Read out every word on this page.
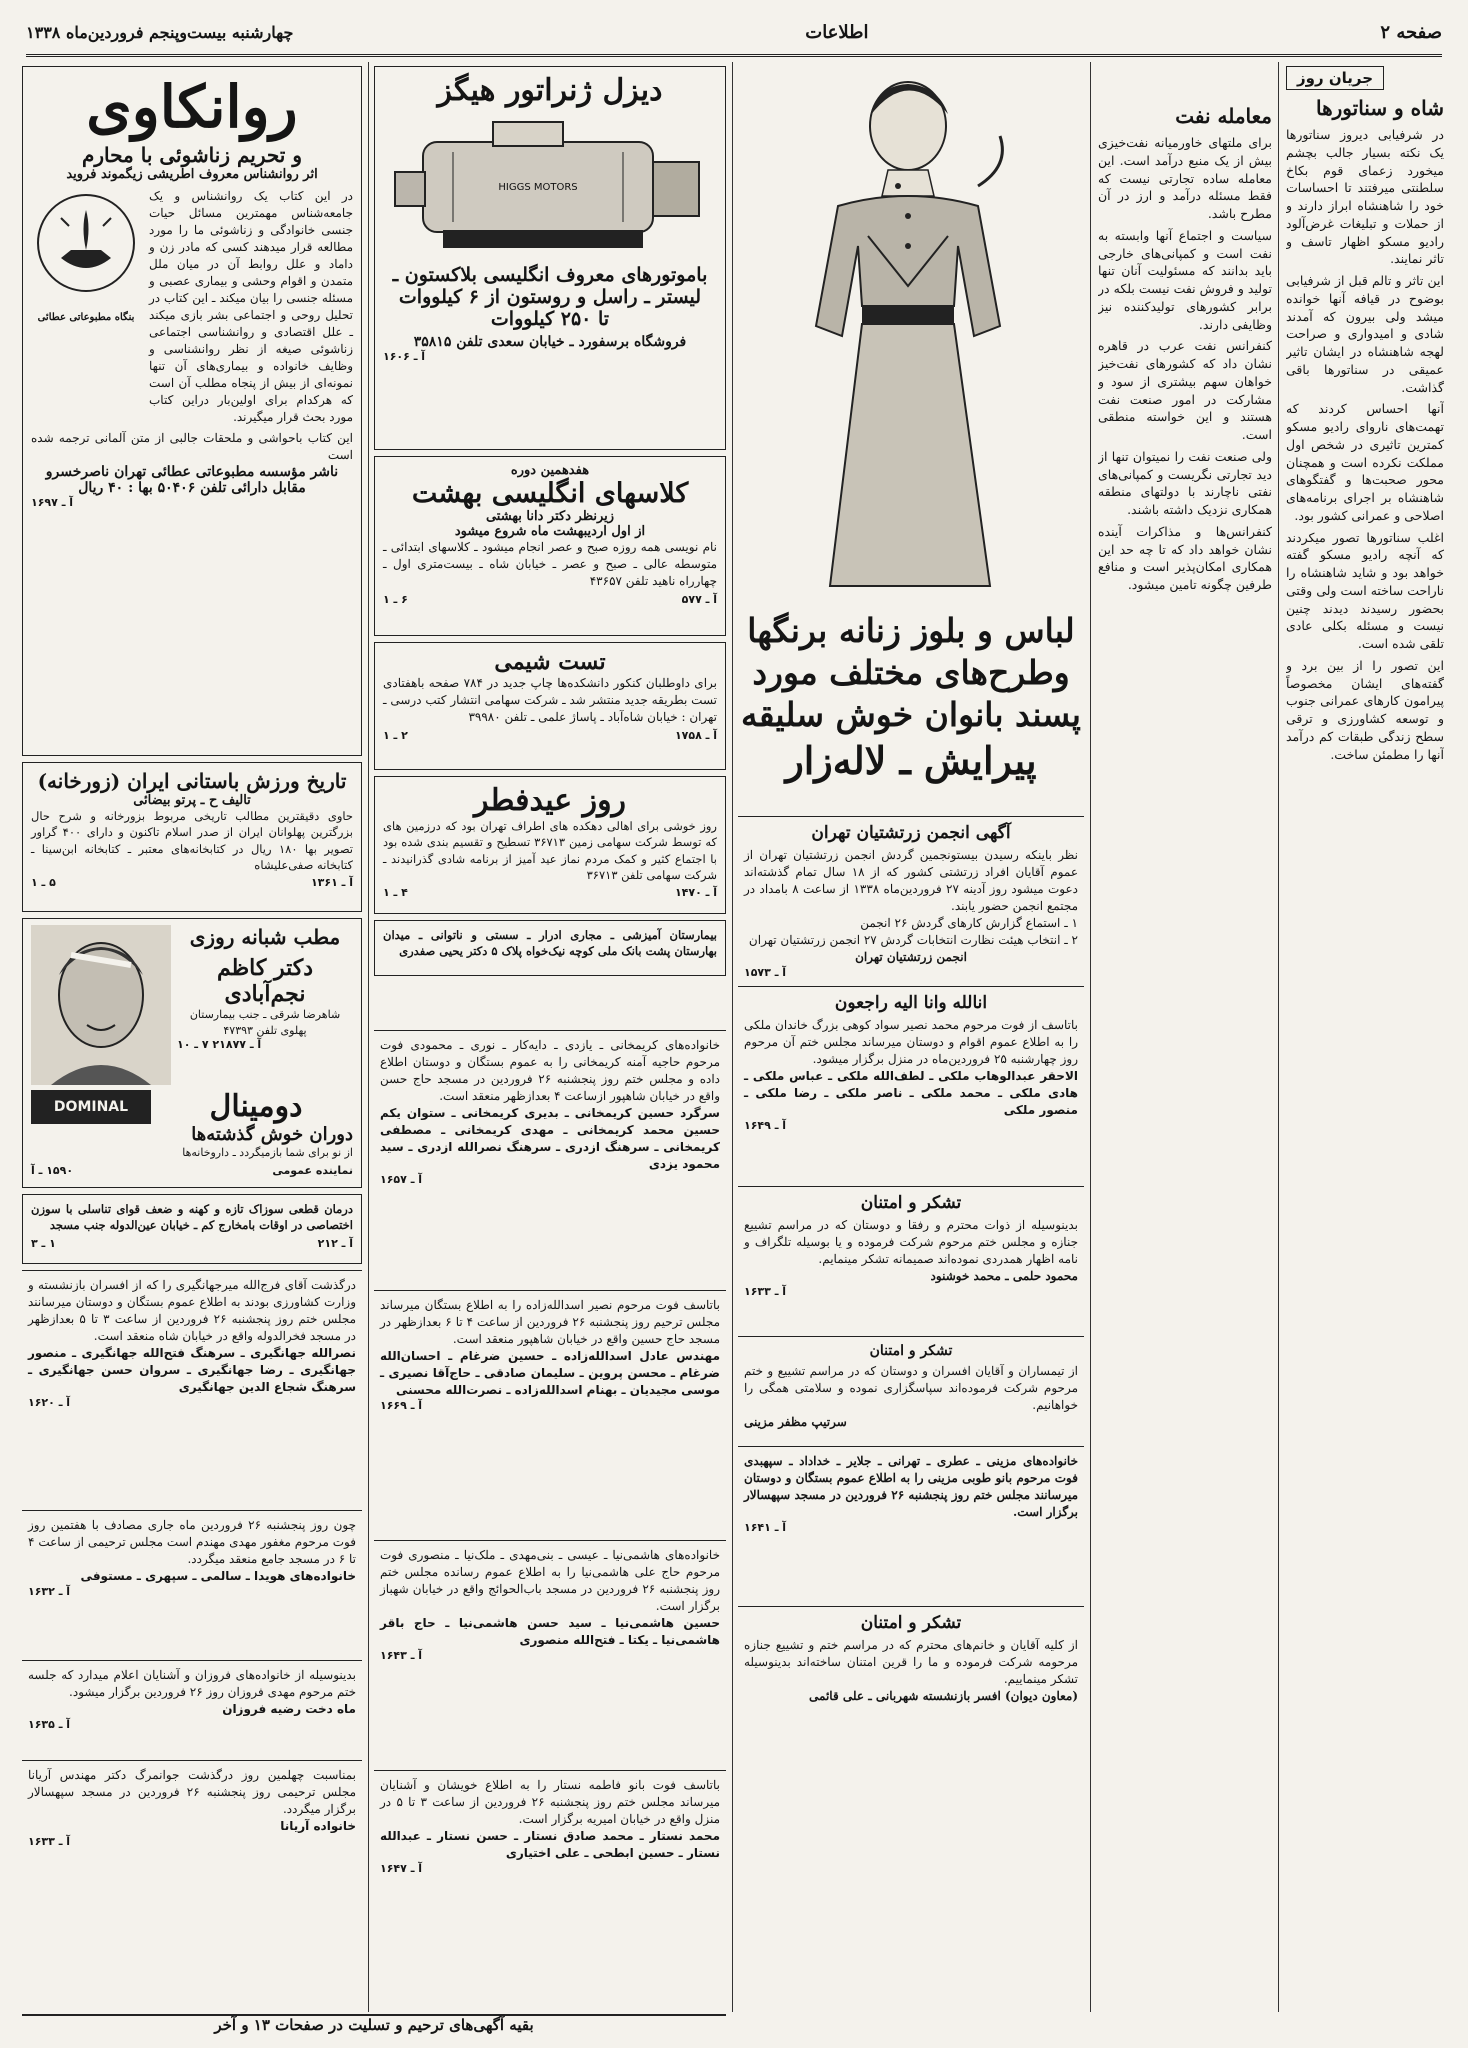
چهارشنبه بیست‌وپنجم فروردین‌ماه ۱۳۳۸	اطلاعات	صفحه ۲
جریان روز
شاه و سناتورها

در شرفیابی دیروز سناتورها یک نکته بسیار جالب بچشم میخورد زعمای قوم بکاخ سلطنتی میرفتند تا احساسات خود را شاهنشاه ابراز دارند و از حملات و تبلیغات غرض‌آلود رادیو مسکو اظهار تاسف و تاثر نمایند.

این تاثر و تالم قبل از شرفیابی بوضوح در قیافه آنها خوانده میشد ولی بیرون که آمدند شادی و امیدواری و صراحت لهجه شاهنشاه در ایشان تاثیر عمیقی در سناتورها باقی گذاشت.

آنها احساس کردند که تهمت‌های ناروای رادیو مسکو کمترین تاثیری در شخص اول مملکت نکرده است و همچنان محور صحبت‌ها و گفتگوهای شاهنشاه بر اجرای برنامه‌های اصلاحی و عمرانی کشور بود.

اغلب سناتورها تصور میکردند که آنچه رادیو مسکو گفته خواهد بود و شاید شاهنشاه را ناراحت ساخته است ولی وقتی بحضور رسیدند دیدند چنین نیست و مسئله بکلی عادی تلقی شده است.

این تصور را از بین برد و گفته‌های ایشان مخصوصاً پیرامون کارهای عمرانی جنوب و توسعه کشاورزی و ترقی سطح زندگی طبقات کم درآمد آنها را مطمئن ساخت.

معامله نفت

برای ملتهای خاورمیانه نفت‌خیزی بیش از یک منبع درآمد است. این معامله ساده تجارتی نیست که فقط مسئله درآمد و ارز در آن مطرح باشد.

سیاست و اجتماع آنها وابسته به نفت است و کمپانی‌های خارجی باید بدانند که مسئولیت آنان تنها تولید و فروش نفت نیست بلکه در برابر کشورهای تولیدکننده نیز وظایفی دارند.

کنفرانس نفت عرب در قاهره نشان داد که کشورهای نفت‌خیز خواهان سهم بیشتری از سود و مشارکت در امور صنعت نفت هستند و این خواسته منطقی است.

ولی صنعت نفت را نمیتوان تنها از دید تجارتی نگریست و کمپانی‌های نفتی ناچارند با دولتهای منطقه همکاری نزدیک داشته باشند.

کنفرانس‌ها و مذاکرات آینده نشان خواهد داد که تا چه حد این همکاری امکان‌پذیر است و منافع طرفین چگونه تامین میشود.

لباس و بلوز زنانه برنگها
وطرح‌های مختلف مورد
پسند بانوان خوش سلیقه
پیرایش ـ لاله‌زار
آگهی انجمن زرتشتیان تهران
نظر باینکه رسیدن بیستونجمین گردش انجمن زرتشتیان تهران از عموم آقایان افراد زرتشتی کشور که از ۱۸ سال تمام گذشته‌اند دعوت میشود روز آدینه ۲۷ فروردین‌ماه ۱۳۳۸ از ساعت ۸ بامداد در مجتمع انجمن حضور یابند.
۱ ـ استماع گزارش کارهای گردش ۲۶ انجمن
۲ ـ انتخاب هیئت نظارت انتخابات گردش ۲۷ انجمن زرتشتیان تهران
انجمن زرتشتیان تهران
آ ـ ۱۵۷۳
انالله وانا الیه راجعون
باتاسف از فوت مرحوم محمد نصیر سواد کوهی بزرگ خاندان ملکی را به اطلاع عموم اقوام و دوستان میرساند مجلس ختم آن مرحوم روز چهارشنبه ۲۵ فروردین‌ماه در منزل برگزار میشود.
الاحقر عبدالوهاب ملکی ـ لطف‌الله ملکی ـ عباس ملکی ـ هادی ملکی ـ محمد ملکی ـ ناصر ملکی ـ رضا ملکی ـ منصور ملکی
آ ـ ۱۶۴۹
تشکر و امتنان
بدینوسیله از ذوات محترم و رفقا و دوستان که در مراسم تشییع جنازه و مجلس ختم مرحوم شرکت فرموده و یا بوسیله تلگراف و نامه اظهار همدردی نموده‌اند صمیمانه تشکر مینمایم.
محمود حلمی ـ محمد خوشنود
آ ـ ۱۶۳۳
تشکر و امتنان
از تیمساران و آقایان افسران و دوستان که در مراسم تشییع و ختم مرحوم شرکت فرموده‌اند سپاسگزاری نموده و سلامتی همگی را خواهانیم.
سرتیپ مظفر مزینی
خانواده‌های مزینی ـ عطری ـ تهرانی ـ جلایر ـ خداداد ـ سپهبدی فوت مرحوم بانو طوبی مزینی را به اطلاع عموم بستگان و دوستان میرسانند مجلس ختم روز پنجشنبه ۲۶ فروردین در مسجد سپهسالار برگزار است.
آ ـ ۱۶۴۱
تشکر و امتنان
از کلیه آقایان و خانم‌های محترم که در مراسم ختم و تشییع جنازه مرحومه شرکت فرموده و ما را قرین امتنان ساخته‌اند بدینوسیله تشکر مینماییم.
(معاون دیوان) افسر بازنشسته شهربانی ـ علی قائمی
دیزل ژنراتور هیگز
HIGGS MOTORS
باموتورهای معروف انگلیسی بلاکستون ـ
لیستر ـ راسل و روستون از ۶ کیلووات
تا ۲۵۰ کیلووات
فروشگاه برسفورد ـ خیابان سعدی تلفن ۳۵۸۱۵
آ ـ ۱۶۰۶
هفدهمین دوره
کلاسهای انگلیسی بهشت
زیرنظر دکتر دانا بهشتی
از اول اردیبهشت ماه شروع میشود
نام نویسی همه روزه صبح و عصر انجام میشود ـ کلاسهای ابتدائی ـ متوسطه عالی ـ صبح و عصر ـ خیابان شاه ـ بیست‌متری اول ـ چهارراه ناهید تلفن ۴۳۶۵۷
آ ـ ۵۷۷
۶ ـ ۱
تست شیمی
برای داوطلبان کنکور دانشکده‌ها چاپ جدید در ۷۸۴ صفحه باهفتادی تست بطریقه جدید منتشر شد ـ شرکت سهامی انتشار کتب درسی ـ تهران : خیابان شاه‌آباد ـ پاساژ علمی ـ تلفن ۳۹۹۸۰
آ ـ ۱۷۵۸
۲ ـ ۱
روز عیدفطر
روز خوشی برای اهالی دهکده های اطراف تهران بود که درزمین های که توسط شرکت سهامی زمین ۳۶۷۱۳ تسطیح و تقسیم بندی شده بود با اجتماع کثیر و کمک مردم نماز عید آمیز از برنامه شادی گذرانیدند ـ شرکت سهامی تلفن ۳۶۷۱۳
آ ـ ۱۴۷۰
۴ ـ ۱
بیمارستان آمیزشی ـ مجاری ادرار ـ سستی و ناتوانی ـ میدان بهارستان پشت بانک ملی کوچه نیک‌خواه پلاک ۵ دکتر یحیی صفدری
خانواده‌های کریمخانی ـ یازدی ـ دایه‌کار ـ نوری ـ محمودی فوت مرحوم حاجیه آمنه کریمخانی را به عموم بستگان و دوستان اطلاع داده و مجلس ختم روز پنجشنبه ۲۶ فروردین در مسجد حاج حسن واقع در خیابان شاهپور ازساعت ۴ بعدازظهر منعقد است.
سرگرد حسین کریمخانی ـ بدیری کریمخانی ـ ستوان یکم حسین محمد کریمخانی ـ مهدی کریمخانی ـ مصطفی کریمخانی ـ سرهنگ ازدری ـ سرهنگ نصرالله ازدری ـ سید محمود یزدی
آ ـ ۱۶۵۷
باتاسف فوت مرحوم نصیر اسدالله‌زاده را به اطلاع بستگان میرساند مجلس ترحیم روز پنجشنبه ۲۶ فروردین از ساعت ۴ تا ۶ بعدازظهر در مسجد حاج حسین واقع در خیابان شاهپور منعقد است.
مهندس عادل اسدالله‌زاده ـ حسین ضرغام ـ احسان‌الله ضرغام ـ محسن پروین ـ سلیمان صادقی ـ حاج‌آقا نصیری ـ موسی مجیدیان ـ بهنام اسدالله‌زاده ـ نصرت‌الله محسنی
آ ـ ۱۶۶۹
خانواده‌های هاشمی‌نیا ـ عیسی ـ بنی‌مهدی ـ ملک‌نیا ـ منصوری فوت مرحوم حاج علی هاشمی‌نیا را به اطلاع عموم رسانده مجلس ختم روز پنجشنبه ۲۶ فروردین در مسجد باب‌الحوائج واقع در خیابان شهباز برگزار است.
حسین هاشمی‌نیا ـ سید حسن هاشمی‌نیا ـ حاج باقر هاشمی‌نیا ـ یکتا ـ فتح‌الله منصوری
آ ـ ۱۶۴۳
باتاسف فوت بانو فاطمه نستار را به اطلاع خویشان و آشنایان میرساند مجلس ختم روز پنجشنبه ۲۶ فروردین از ساعت ۳ تا ۵ در منزل واقع در خیابان امیریه برگزار است.
محمد نستار ـ محمد صادق نستار ـ حسن نستار ـ عبدالله نستار ـ حسین ابطحی ـ علی اختیاری
آ ـ ۱۶۴۷
روانکاوی
و تحریم زناشوئی با محارم
اثر روانشناس معروف اطریشی زیگموند فروید
بنگاه مطبوعاتی عطائی
در این کتاب یک روانشناس و یک جامعه‌شناس مهمترین مسائل حیات جنسی خانوادگی و زناشوئی ما را مورد مطالعه قرار میدهند کسی که مادر زن و داماد و علل روابط آن در میان ملل متمدن و اقوام وحشی و بیماری عصبی و مسئله جنسی را بیان میکند ـ این کتاب در تحلیل روحی و اجتماعی بشر بازی میکند ـ علل اقتصادی و روانشناسی اجتماعی زناشوئی صیغه از نظر روانشناسی و وظایف خانواده و بیماری‌های آن تنها نمونه‌ای از بیش از پنجاه مطلب آن است که هرکدام برای اولین‌بار دراین کتاب مورد بحث قرار میگیرند.
این کتاب باحواشی و ملحقات جالبی از متن آلمانی ترجمه شده است
ناشر مؤسسه مطبوعاتی عطائی تهران ناصرخسرو
مقابل دارائی تلفن ۵۰۴۰۶ بها : ۴۰ ریال
آ ـ ۱۶۹۷
تاریخ ورزش باستانی ایران (زورخانه)
تالیف ح ـ پرتو بیضائی
حاوی دقیقترین مطالب تاریخی مربوط بزورخانه و شرح حال بزرگترین پهلوانان ایران از صدر اسلام تاکنون و دارای ۴۰۰ گراور تصویر بها ۱۸۰ ریال در کتابخانه‌های معتبر ـ کتابخانه ابن‌سینا ـ کتابخانه صفی‌علیشاه
آ ـ ۱۳۶۱
۵ ـ ۱
مطب شبانه روزی
دکتر کاظم نجم‌آبادی
شاهرضا شرقی ـ جنب بیمارستان پهلوی تلفن ۴۷۳۹۳
آ ـ ۲۱۸۷۷ ۷ ـ ۱۰
DOMINAL	دومینال
دوران خوش گذشته‌ها
از نو برای شما بازمیگردد ـ داروخانه‌ها
نماینده عمومی
۱۵۹۰ ـ آ
درمان قطعی سوزاک تازه و کهنه و ضعف قوای تناسلی با سوزن اختصاصی در اوقات بامخارج کم ـ خیابان عین‌الدوله جنب مسجد
آ ـ ۲۱۲
۱ ـ ۳
درگذشت آقای فرج‌الله میرجهانگیری را که از افسران بازنشسته و وزارت کشاورزی بودند به اطلاع عموم بستگان و دوستان میرسانند مجلس ختم روز پنجشنبه ۲۶ فروردین از ساعت ۳ تا ۵ بعدازظهر در مسجد فخرالدوله واقع در خیابان شاه منعقد است.
نصرالله جهانگیری ـ سرهنگ فتح‌الله جهانگیری ـ منصور جهانگیری ـ رضا جهانگیری ـ سروان حسن جهانگیری ـ سرهنگ شجاع الدین جهانگیری
آ ـ ۱۶۲۰
چون روز پنجشنبه ۲۶ فروردین ماه جاری مصادف با هفتمین روز فوت مرحوم مغفور مهدی مهندم است مجلس ترحیمی از ساعت ۴ تا ۶ در مسجد جامع منعقد میگردد.
خانواده‌های هویدا ـ سالمی ـ سپهری ـ مستوفی
آ ـ ۱۶۳۲
بدینوسیله از خانواده‌های فروزان و آشنایان اعلام میدارد که جلسه ختم مرحوم مهدی فروزان روز ۲۶ فروردین برگزار میشود.
ماه دخت رضیه فروزان
آ ـ ۱۶۳۵
بمناسبت چهلمین روز درگذشت جوانمرگ دکتر مهندس آریانا مجلس ترحیمی روز پنجشنبه ۲۶ فروردین در مسجد سپهسالار برگزار میگردد.
خانواده آریانا
آ ـ ۱۶۳۳
بقیه آگهی‌های ترحیم و تسلیت در صفحات ۱۳ و آخر
